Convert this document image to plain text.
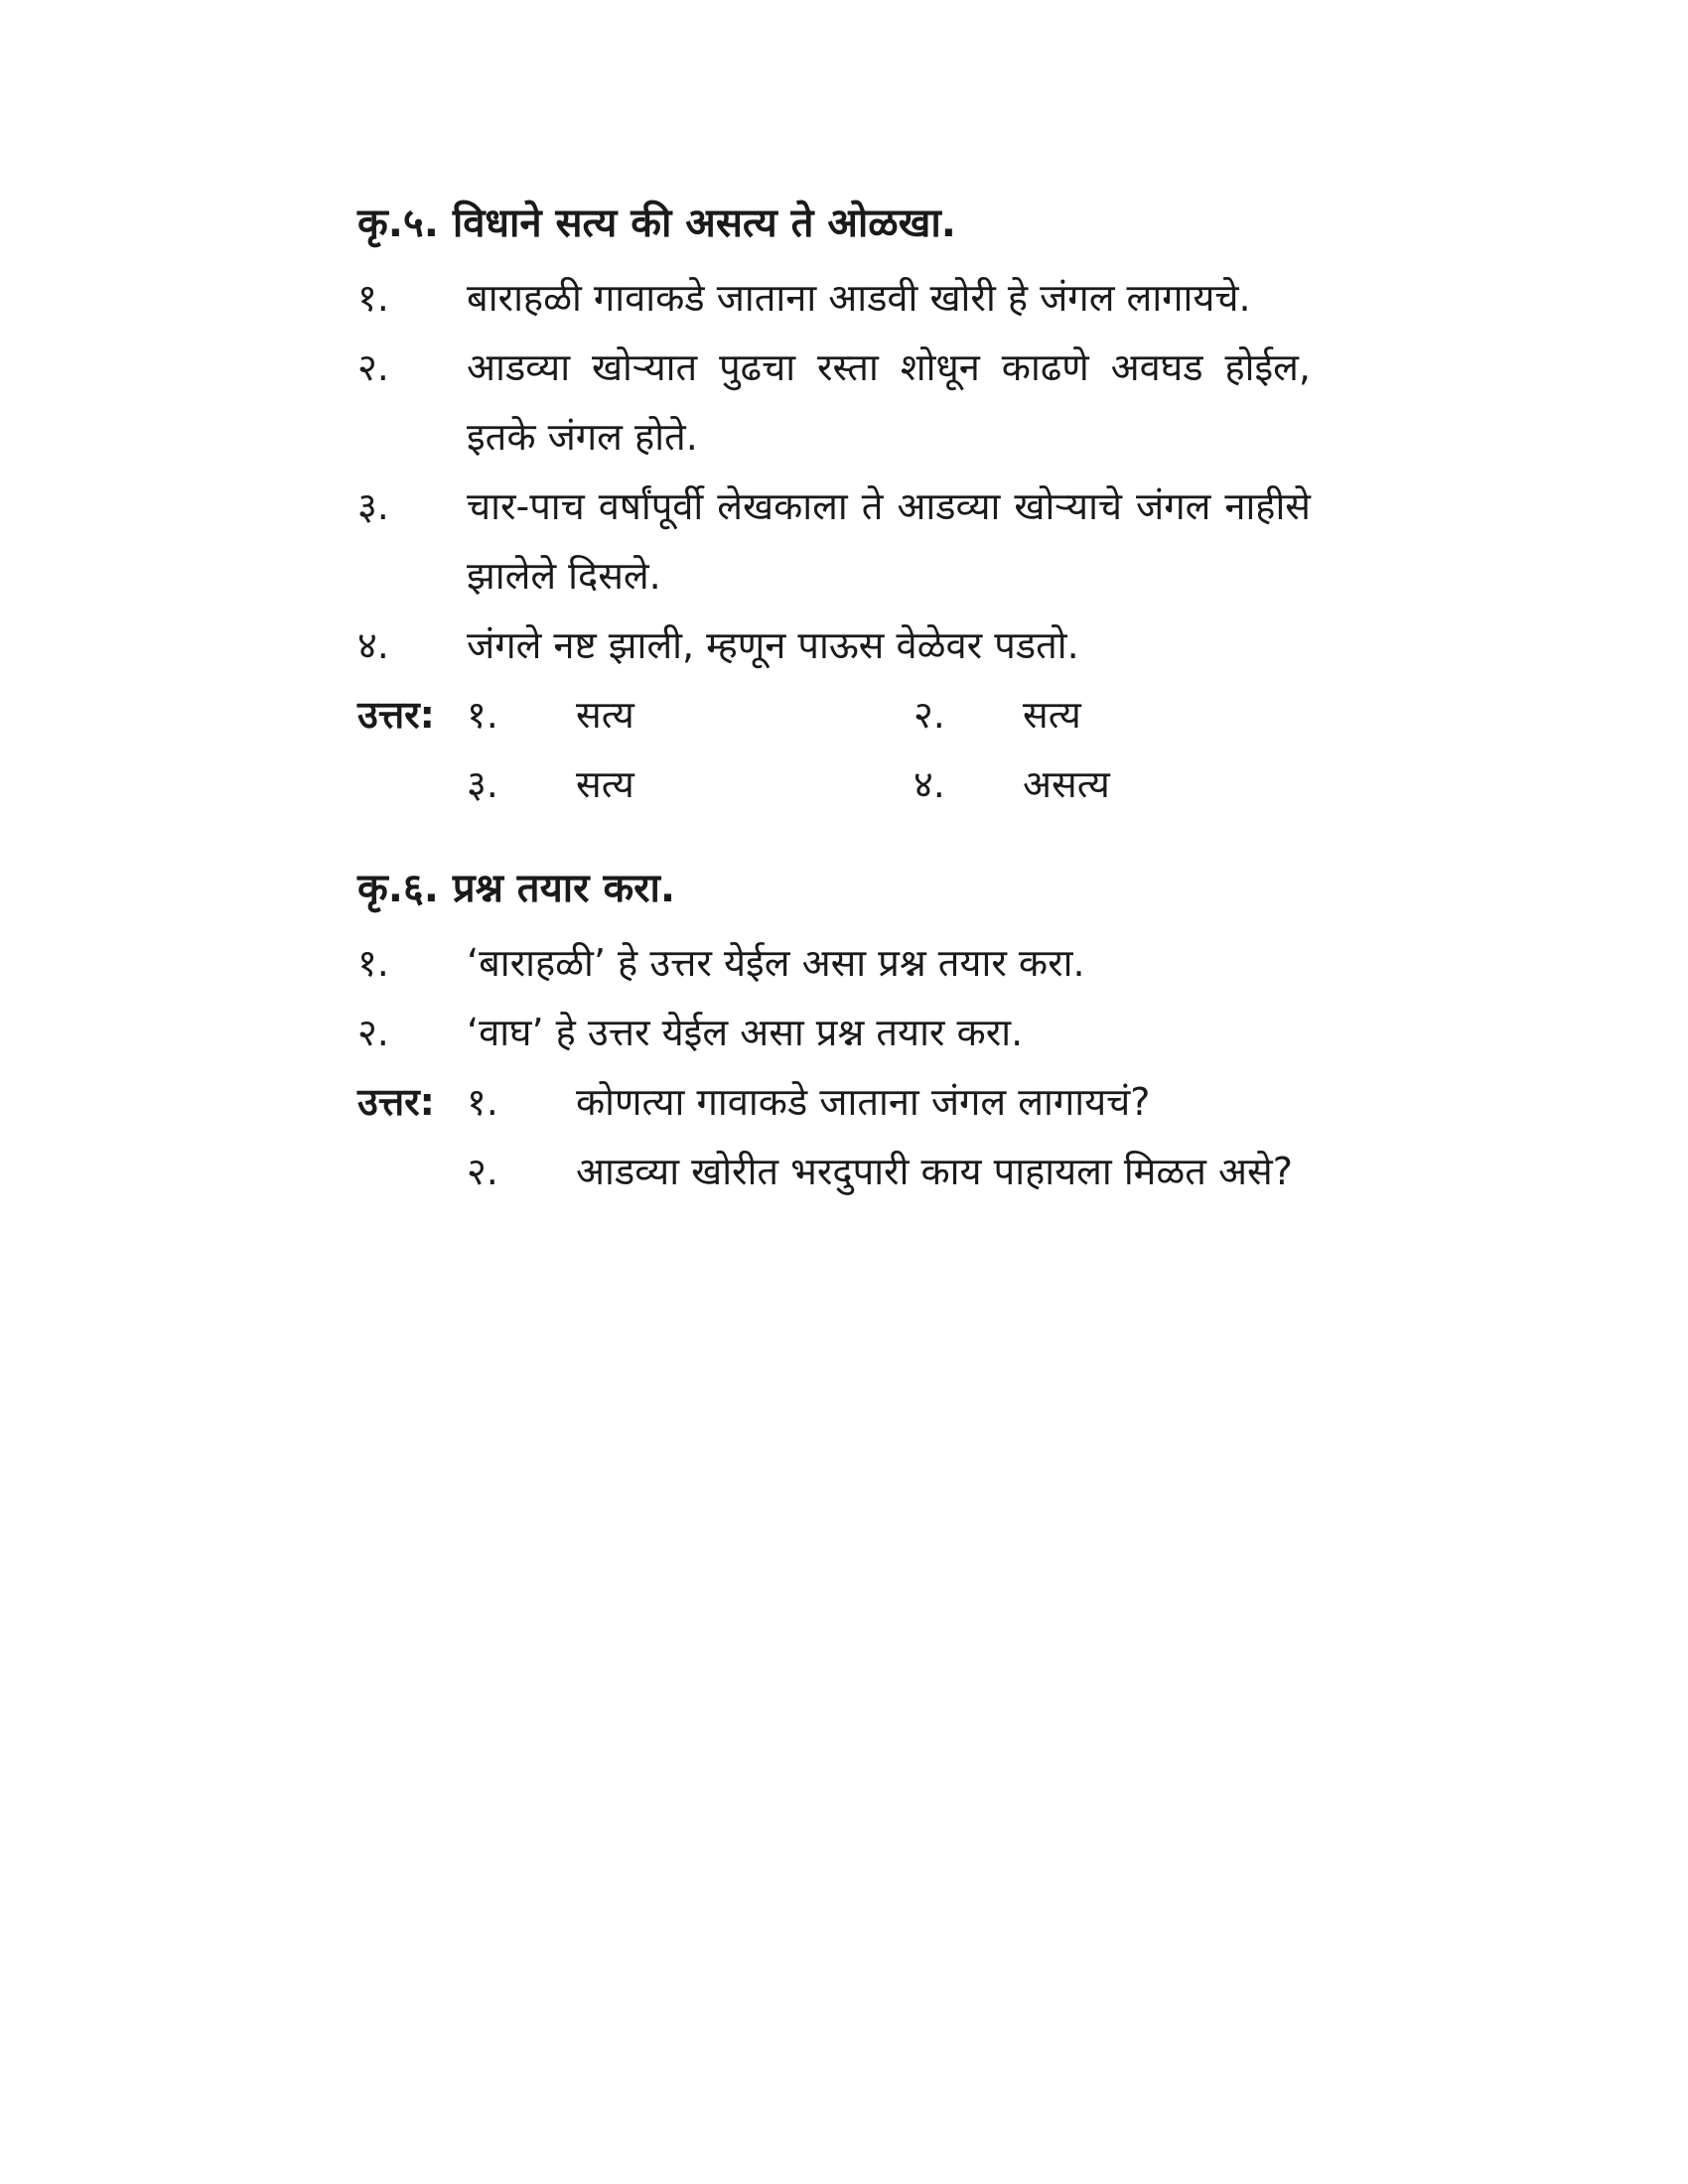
कृ.५. विधाने सत्य की असत्य ते ओळखा.
१.	बाराहळी गावाकडे जाताना आडवी खोरी हे जंगल लागायचे.
२.	आडव्या खोऱ्यात पुढचा रस्ता शोधून काढणे अवघड होईल, इतके जंगल होते.
३.	चार-पाच वर्षांपूर्वी लेखकाला ते आडव्या खोऱ्याचे जंगल नाहीसे झालेले दिसले.
४.	जंगले नष्ट झाली, म्हणून पाऊस वेळेवर पडतो.
उत्तर: १.	सत्य	२.	सत्य
३.	सत्य	४.	असत्य
कृ.६. प्रश्न तयार करा.
१.	‘बाराहळी’ हे उत्तर येईल असा प्रश्न तयार करा.
२.	‘वाघ’ हे उत्तर येईल असा प्रश्न तयार करा.
उत्तर: १.	कोणत्या गावाकडे जाताना जंगल लागायचं?
२.	आडव्या खोरीत भरदुपारी काय पाहायला मिळत असे?
